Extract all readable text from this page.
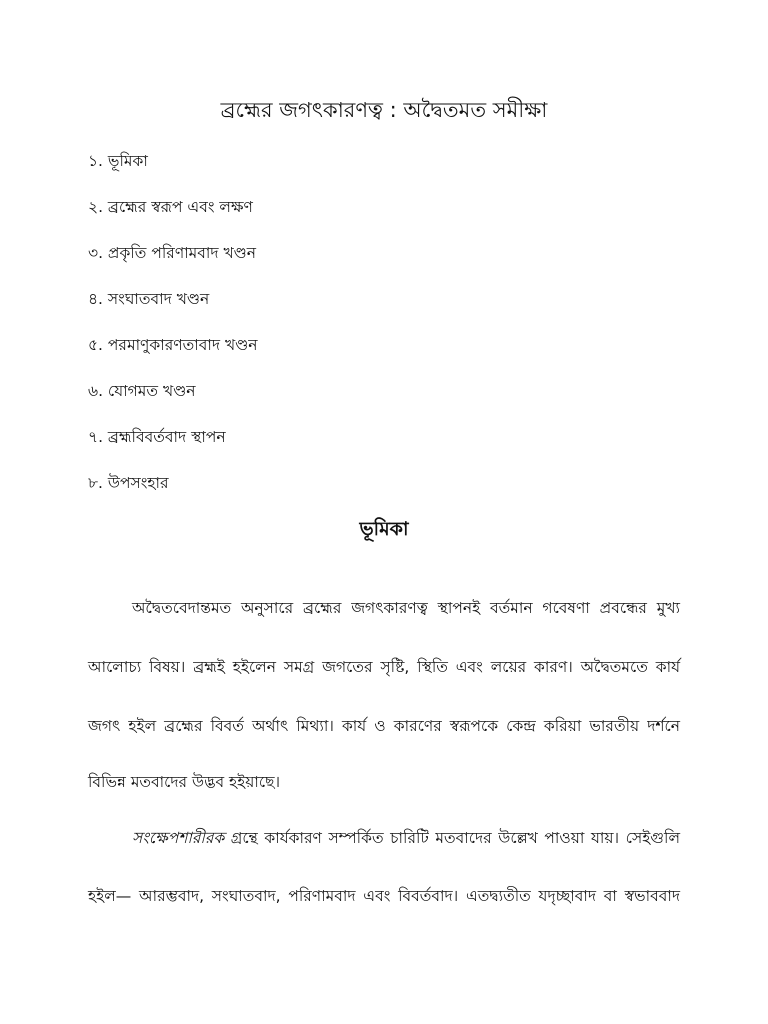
ব্রহ্মের জগৎকারণত্ব : অদ্বৈতমত সমীক্ষা
১. ভূমিকা
২. ব্রহ্মের স্বরূপ এবং লক্ষণ
৩. প্রকৃতি পরিণামবাদ খণ্ডন
৪. সংঘাতবাদ খণ্ডন
৫. পরমাণুকারণতাবাদ খণ্ডন
৬. যোগমত খণ্ডন
৭. ব্রহ্মবিবর্তবাদ স্থাপন
৮. উপসংহার
ভূমিকা
অদ্বৈতবেদান্তমত অনুসারে ব্রহ্মের জগৎকারণত্ব স্থাপনই বর্তমান গবেষণা প্রবন্ধের মুখ্য
আলোচ্য বিষয়। ব্রহ্মই হইলেন সমগ্র জগতের সৃষ্টি, স্থিতি এবং লয়ের কারণ। অদ্বৈতমতে কার্য
জগৎ হইল ব্রহ্মের বিবর্ত অর্থাৎ মিথ্যা। কার্য ও কারণের স্বরূপকে কেন্দ্র করিয়া ভারতীয় দর্শনে
বিভিন্ন মতবাদের উদ্ভব হইয়াছে।
সংক্ষেপশারীরক গ্রন্থে কার্যকারণ সম্পর্কিত চারিটি মতবাদের উল্লেখ পাওয়া যায়। সেইগুলি
হইল— আরম্ভবাদ, সংঘাতবাদ, পরিণামবাদ এবং বিবর্তবাদ। এতদ্ব্যতীত যদৃচ্ছাবাদ বা স্বভাববাদ
